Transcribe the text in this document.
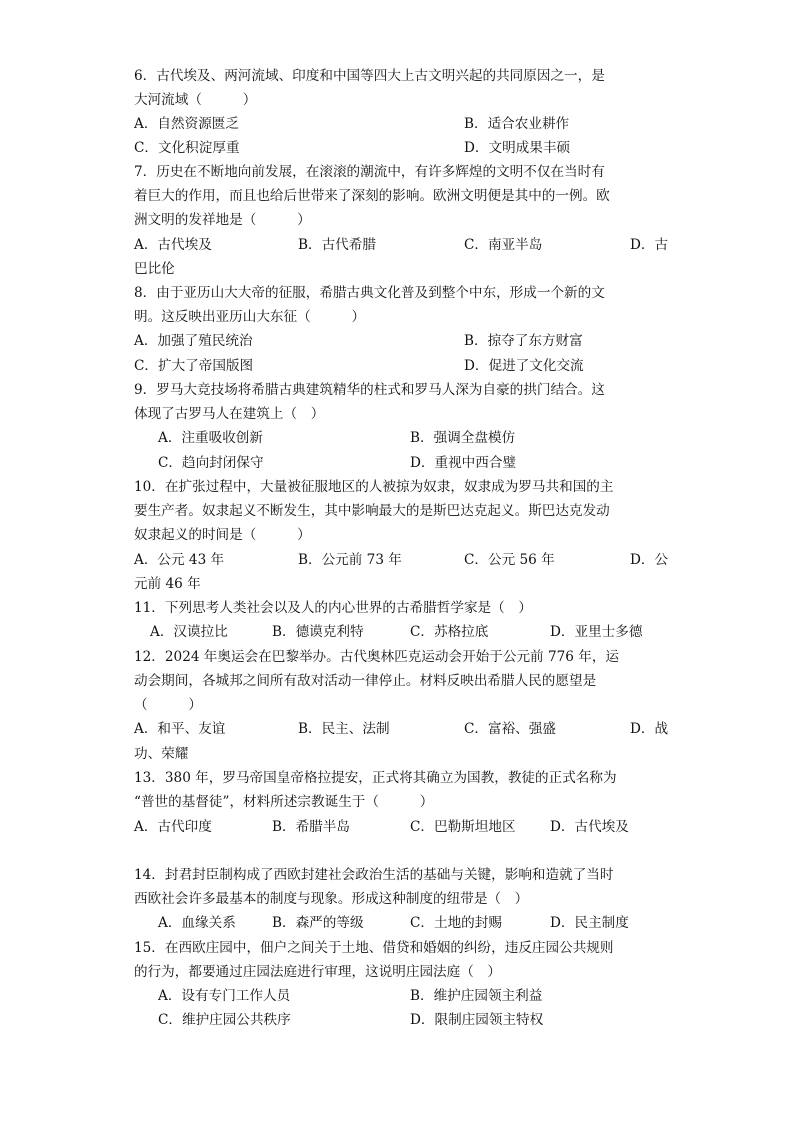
6．古代埃及、两河流域、印度和中国等四大上古文明兴起的共同原因之一，是
大河流域（　　　）
A．自然资源匮乏	B．适合农业耕作
C．文化积淀厚重	D．文明成果丰硕
7．历史在不断地向前发展，在滚滚的潮流中，有许多辉煌的文明不仅在当时有
着巨大的作用，而且也给后世带来了深刻的影响。欧洲文明便是其中的一例。欧
洲文明的发祥地是（　　　）
A．古代埃及	B．古代希腊	C．南亚半岛	D．古
巴比伦
8．由于亚历山大大帝的征服，希腊古典文化普及到整个中东，形成一个新的文
明。这反映出亚历山大东征（　　　）
A．加强了殖民统治	B．掠夺了东方财富
C．扩大了帝国版图	D．促进了文化交流
9．罗马大竞技场将希腊古典建筑精华的柱式和罗马人深为自豪的拱门结合。这
体现了古罗马人在建筑上（　）
A．注重吸收创新	B．强调全盘模仿
C．趋向封闭保守	D．重视中西合璧
10．在扩张过程中，大量被征服地区的人被掠为奴隶，奴隶成为罗马共和国的主
要生产者。奴隶起义不断发生，其中影响最大的是斯巴达克起义。斯巴达克发动
奴隶起义的时间是（　　　）
A．公元 43 年	B．公元前 73 年	C．公元 56 年	D．公
元前 46 年
11．下列思考人类社会以及人的内心世界的古希腊哲学家是（　）
A．汉谟拉比	B．德谟克利特	C．苏格拉底	D．亚里士多德
12．2024 年奥运会在巴黎举办。古代奥林匹克运动会开始于公元前 776 年，运
动会期间，各城邦之间所有敌对活动一律停止。材料反映出希腊人民的愿望是
（　　　）
A．和平、友谊	B．民主、法制	C．富裕、强盛	D．战
功、荣耀
13．380 年，罗马帝国皇帝格拉提安，正式将其确立为国教，教徒的正式名称为
“普世的基督徒”，材料所述宗教诞生于（　　　）
A．古代印度	B．希腊半岛	C．巴勒斯坦地区	D．古代埃及
14．封君封臣制构成了西欧封建社会政治生活的基础与关键，影响和造就了当时
西欧社会许多最基本的制度与现象。形成这种制度的纽带是（　）
A．血缘关系	B．森严的等级	C．土地的封赐	D．民主制度
15．在西欧庄园中，佃户之间关于土地、借贷和婚姻的纠纷，违反庄园公共规则
的行为，都要通过庄园法庭进行审理，这说明庄园法庭（　）
A．设有专门工作人员	B．维护庄园领主利益
C．维护庄园公共秩序	D．限制庄园领主特权
